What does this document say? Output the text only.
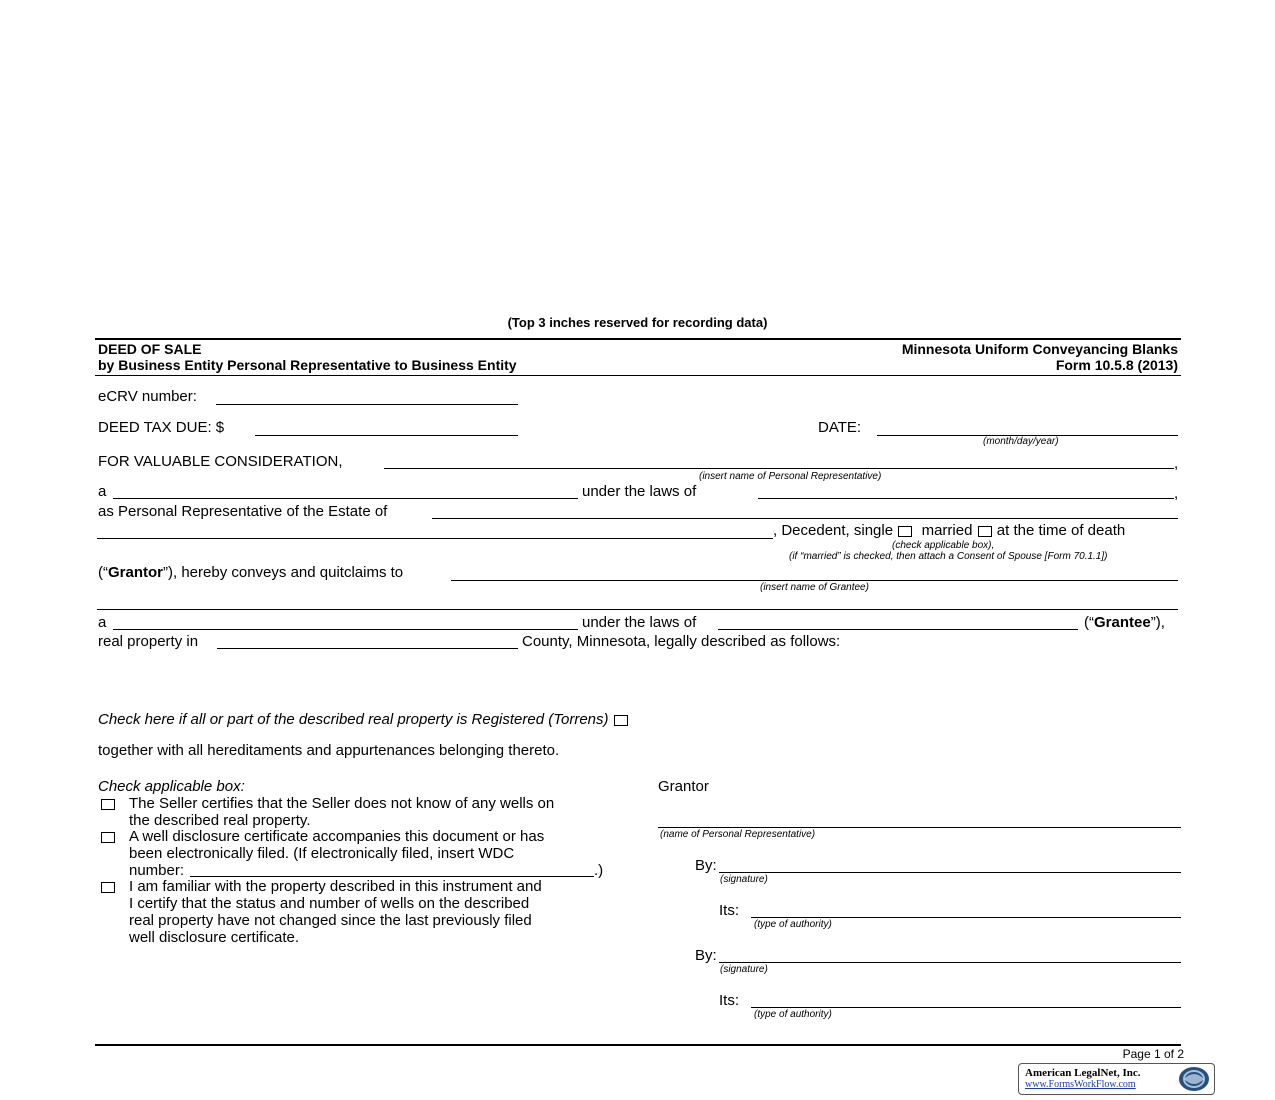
(Top 3 inches reserved for recording data)
DEED OF SALE
by Business Entity Personal Representative to Business Entity
Minnesota Uniform Conveyancing Blanks
Form 10.5.8 (2013)
eCRV number:
DEED TAX DUE: $	DATE:
(month/day/year)
FOR VALUABLE CONSIDERATION,	,
(insert name of Personal Representative)
a	under the laws of	,
as Personal Representative of the Estate of
, Decedent, single married at the time of death
(check applicable box),
(if “married” is checked, then attach a Consent of Spouse [Form 70.1.1])
(“Grantor”), hereby conveys and quitclaims to
(insert name of Grantee)
a	under the laws of	(“Grantee”),
real property in	County, Minnesota, legally described as follows:
Check here if all or part of the described real property is Registered (Torrens)
together with all hereditaments and appurtenances belonging thereto.
Check applicable box:
The Seller certifies that the Seller does not know of any wells on
the described real property.
A well disclosure certificate accompanies this document or has
been electronically filed. (If electronically filed, insert WDC
number:	.)
I am familiar with the property described in this instrument and
I certify that the status and number of wells on the described
real property have not changed since the last previously filed
well disclosure certificate.
Grantor
(name of Personal Representative)
By:
(signature)
Its:
(type of authority)
By:
(signature)
Its:
(type of authority)
Page 1 of 2
American LegalNet, Inc.
www.FormsWorkFlow.com
